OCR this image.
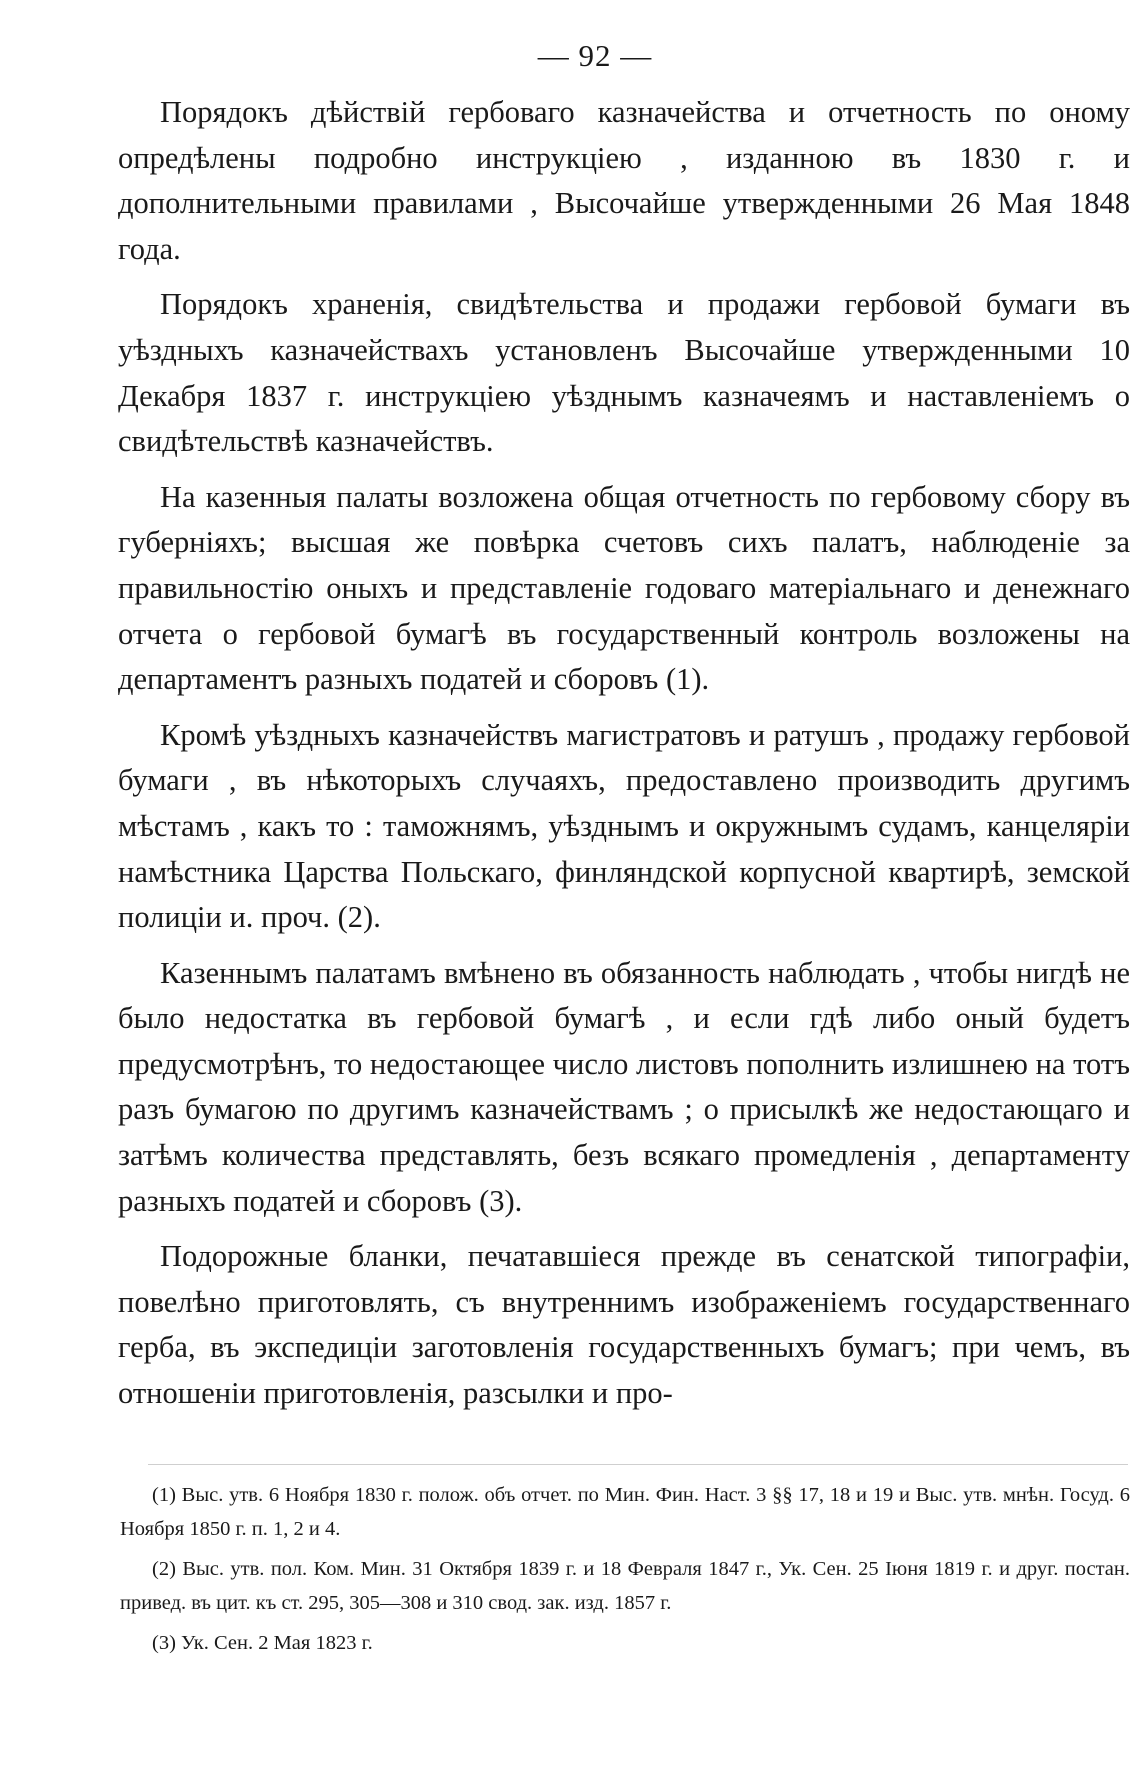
— 92 —

Порядокъ дѣйствій гербоваго казначейства и отчетность по оному опредѣлены подробно инструкціею , изданною въ 1830 г. и дополнительными правилами , Высочайше утвержденными 26 Мая 1848 года.

Порядокъ храненія, свидѣтельства и продажи гербовой бумаги въ уѣздныхъ казначействахъ установленъ Высочайше утвержденными 10 Декабря 1837 г. инструкціею уѣзднымъ казначеямъ и наставленіемъ о свидѣтельствѣ казначействъ.

На казенныя палаты возложена общая отчетность по гербовому сбору въ губерніяхъ; высшая же повѣрка счетовъ сихъ палатъ, наблюденіе за правильностію оныхъ и представленіе годоваго матеріальнаго и денежнаго отчета о гербовой бумагѣ въ государственный контроль возложены на департаментъ разныхъ податей и сборовъ (1).

Кромѣ уѣздныхъ казначействъ магистратовъ и ратушъ , продажу гербовой бумаги , въ нѣкоторыхъ случаяхъ, предоставлено производить другимъ мѣстамъ , какъ то : таможнямъ, уѣзднымъ и окружнымъ судамъ, канцеляріи намѣстника Царства Польскаго, финляндской корпусной квартирѣ, земской полиціи и. проч. (2).

Казеннымъ палатамъ вмѣнено въ обязанность наблюдать , чтобы нигдѣ не было недостатка въ гербовой бумагѣ , и если гдѣ либо оный будетъ предусмотрѣнъ, то недостающее число листовъ пополнить излишнею на тотъ разъ бумагою по другимъ казначействамъ ; о присылкѣ же недостающаго и затѣмъ количества представлять, безъ всякаго промедленія , департаменту разныхъ податей и сборовъ (3).

Подорожные бланки, печатавшіеся прежде въ сенатской типографіи, повелѣно приготовлять, съ внутреннимъ изображеніемъ государственнаго герба, въ экспедиціи заготовленія государственныхъ бумагъ; при чемъ, въ отношеніи приготовленія, разсылки и про-

(1) Выс. утв. 6 Ноября 1830 г. полож. объ отчет. по Мин. Фин. Наст. 3 §§ 17, 18 и 19 и Выс. утв. мнѣн. Госуд. 6 Ноября 1850 г. п. 1, 2 и 4.

(2) Выс. утв. пол. Ком. Мин. 31 Октября 1839 г. и 18 Февраля 1847 г., Ук. Сен. 25 Іюня 1819 г. и друг. постан. привед. въ цит. къ ст. 295, 305—308 и 310 свод. зак. изд. 1857 г.

(3) Ук. Сен. 2 Мая 1823 г.
